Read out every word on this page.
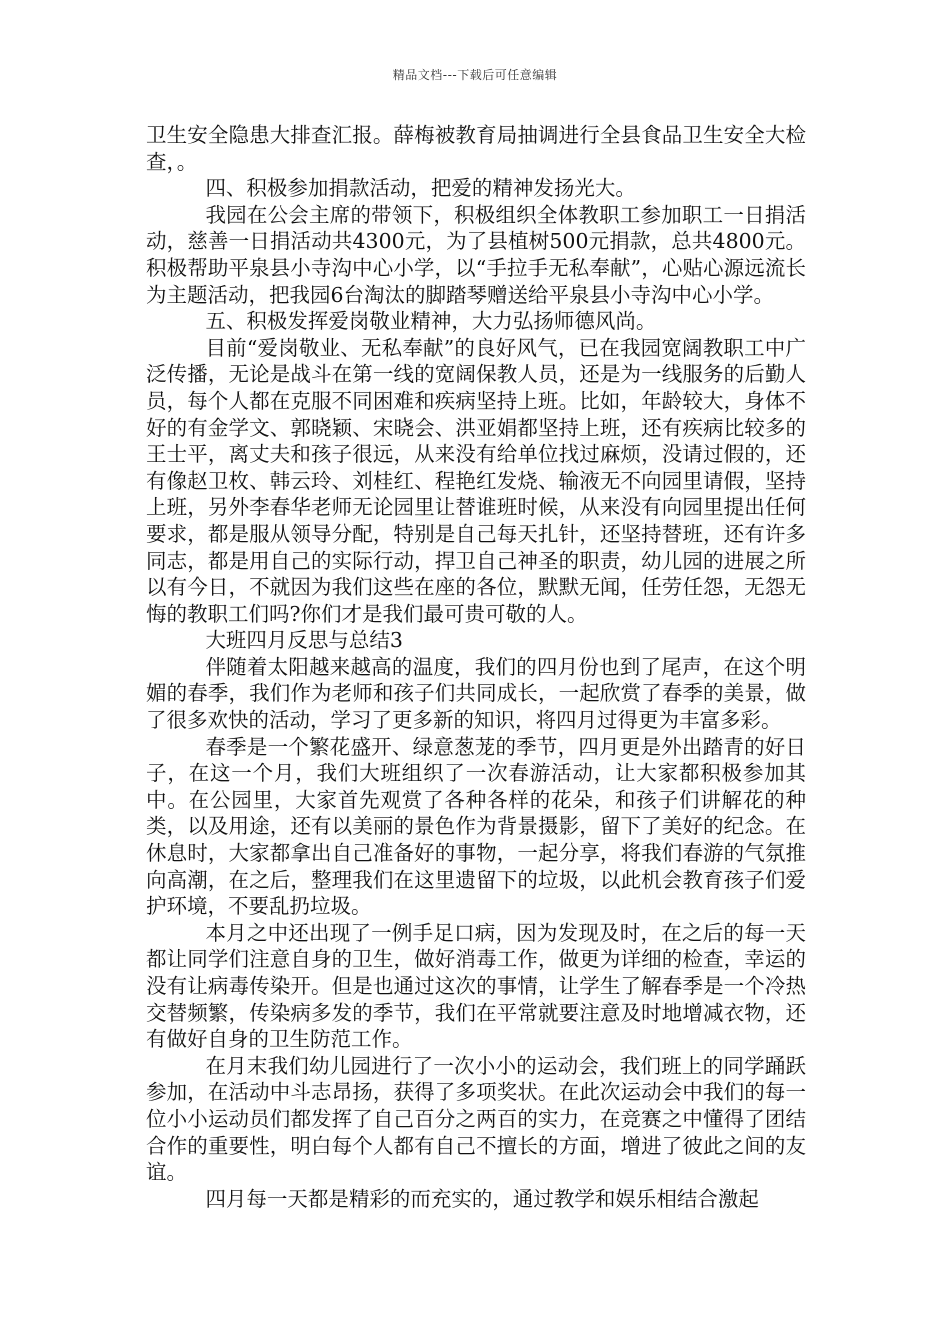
精品文档---下载后可任意编辑

卫生安全隐患大排查汇报。薛梅被教育局抽调进行全县食品卫生安全大检查，。

四、积极参加捐款活动，把爱的精神发扬光大。

我园在公会主席的带领下，积极组织全体教职工参加职工一日捐活动，慈善一日捐活动共4300元，为了县植树500元捐款，总共4800元。积极帮助平泉县小寺沟中心小学，以“手拉手无私奉献”，心贴心源远流长为主题活动，把我园6台淘汰的脚踏琴赠送给平泉县小寺沟中心小学。

五、积极发挥爱岗敬业精神，大力弘扬师德风尚。

目前“爱岗敬业、无私奉献”的良好风气，已在我园宽阔教职工中广泛传播，无论是战斗在第一线的宽阔保教人员，还是为一线服务的后勤人员，每个人都在克服不同困难和疾病坚持上班。比如，年龄较大，身体不好的有金学文、郭晓颖、宋晓会、洪亚娟都坚持上班，还有疾病比较多的王士平，离丈夫和孩子很远，从来没有给单位找过麻烦，没请过假的，还有像赵卫枚、韩云玲、刘桂红、程艳红发烧、输液无不向园里请假，坚持上班，另外李春华老师无论园里让替谁班时候，从来没有向园里提出任何要求，都是服从领导分配，特别是自己每天扎针，还坚持替班，还有许多同志，都是用自己的实际行动，捍卫自己神圣的职责，幼儿园的进展之所以有今日，不就因为我们这些在座的各位，默默无闻，任劳任怨，无怨无悔的教职工们吗?你们才是我们最可贵可敬的人。

大班四月反思与总结3

伴随着太阳越来越高的温度，我们的四月份也到了尾声，在这个明媚的春季，我们作为老师和孩子们共同成长，一起欣赏了春季的美景，做了很多欢快的活动，学习了更多新的知识，将四月过得更为丰富多彩。

春季是一个繁花盛开、绿意葱茏的季节，四月更是外出踏青的好日子，在这一个月，我们大班组织了一次春游活动，让大家都积极参加其中。在公园里，大家首先观赏了各种各样的花朵，和孩子们讲解花的种类，以及用途，还有以美丽的景色作为背景摄影，留下了美好的纪念。在休息时，大家都拿出自己准备好的事物，一起分享，将我们春游的气氛推向高潮，在之后，整理我们在这里遗留下的垃圾，以此机会教育孩子们爱护环境，不要乱扔垃圾。

本月之中还出现了一例手足口病，因为发现及时，在之后的每一天都让同学们注意自身的卫生，做好消毒工作，做更为详细的检查，幸运的没有让病毒传染开。但是也通过这次的事情，让学生了解春季是一个冷热交替频繁，传染病多发的季节，我们在平常就要注意及时地增减衣物，还有做好自身的卫生防范工作。

在月末我们幼儿园进行了一次小小的运动会，我们班上的同学踊跃参加，在活动中斗志昂扬，获得了多项奖状。在此次运动会中我们的每一位小小运动员们都发挥了自己百分之两百的实力，在竞赛之中懂得了团结合作的重要性，明白每个人都有自己不擅长的方面，增进了彼此之间的友谊。

四月每一天都是精彩的而充实的，通过教学和娱乐相结合激起
